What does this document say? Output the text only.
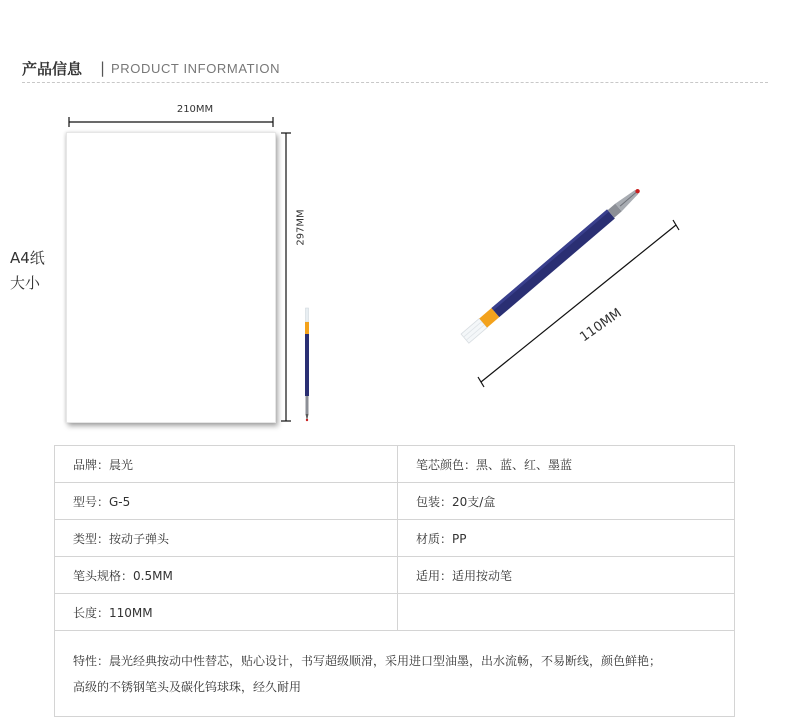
产品信息 | PRODUCT INFORMATION
A4纸
大小
210MM
297MM
110MM
品牌：晨光	笔芯颜色：黑、蓝、红、墨蓝
型号：G-5	包装：20支/盒
类型：按动子弹头	材质：PP
笔头规格：0.5MM	适用：适用按动笔
长度：110MM	

特性：晨光经典按动中性替芯，贴心设计，书写超级顺滑，采用进口型油墨，出水流畅，不易断线，颜色鲜艳；
高级的不锈钢笔头及碳化钨球珠，经久耐用	
